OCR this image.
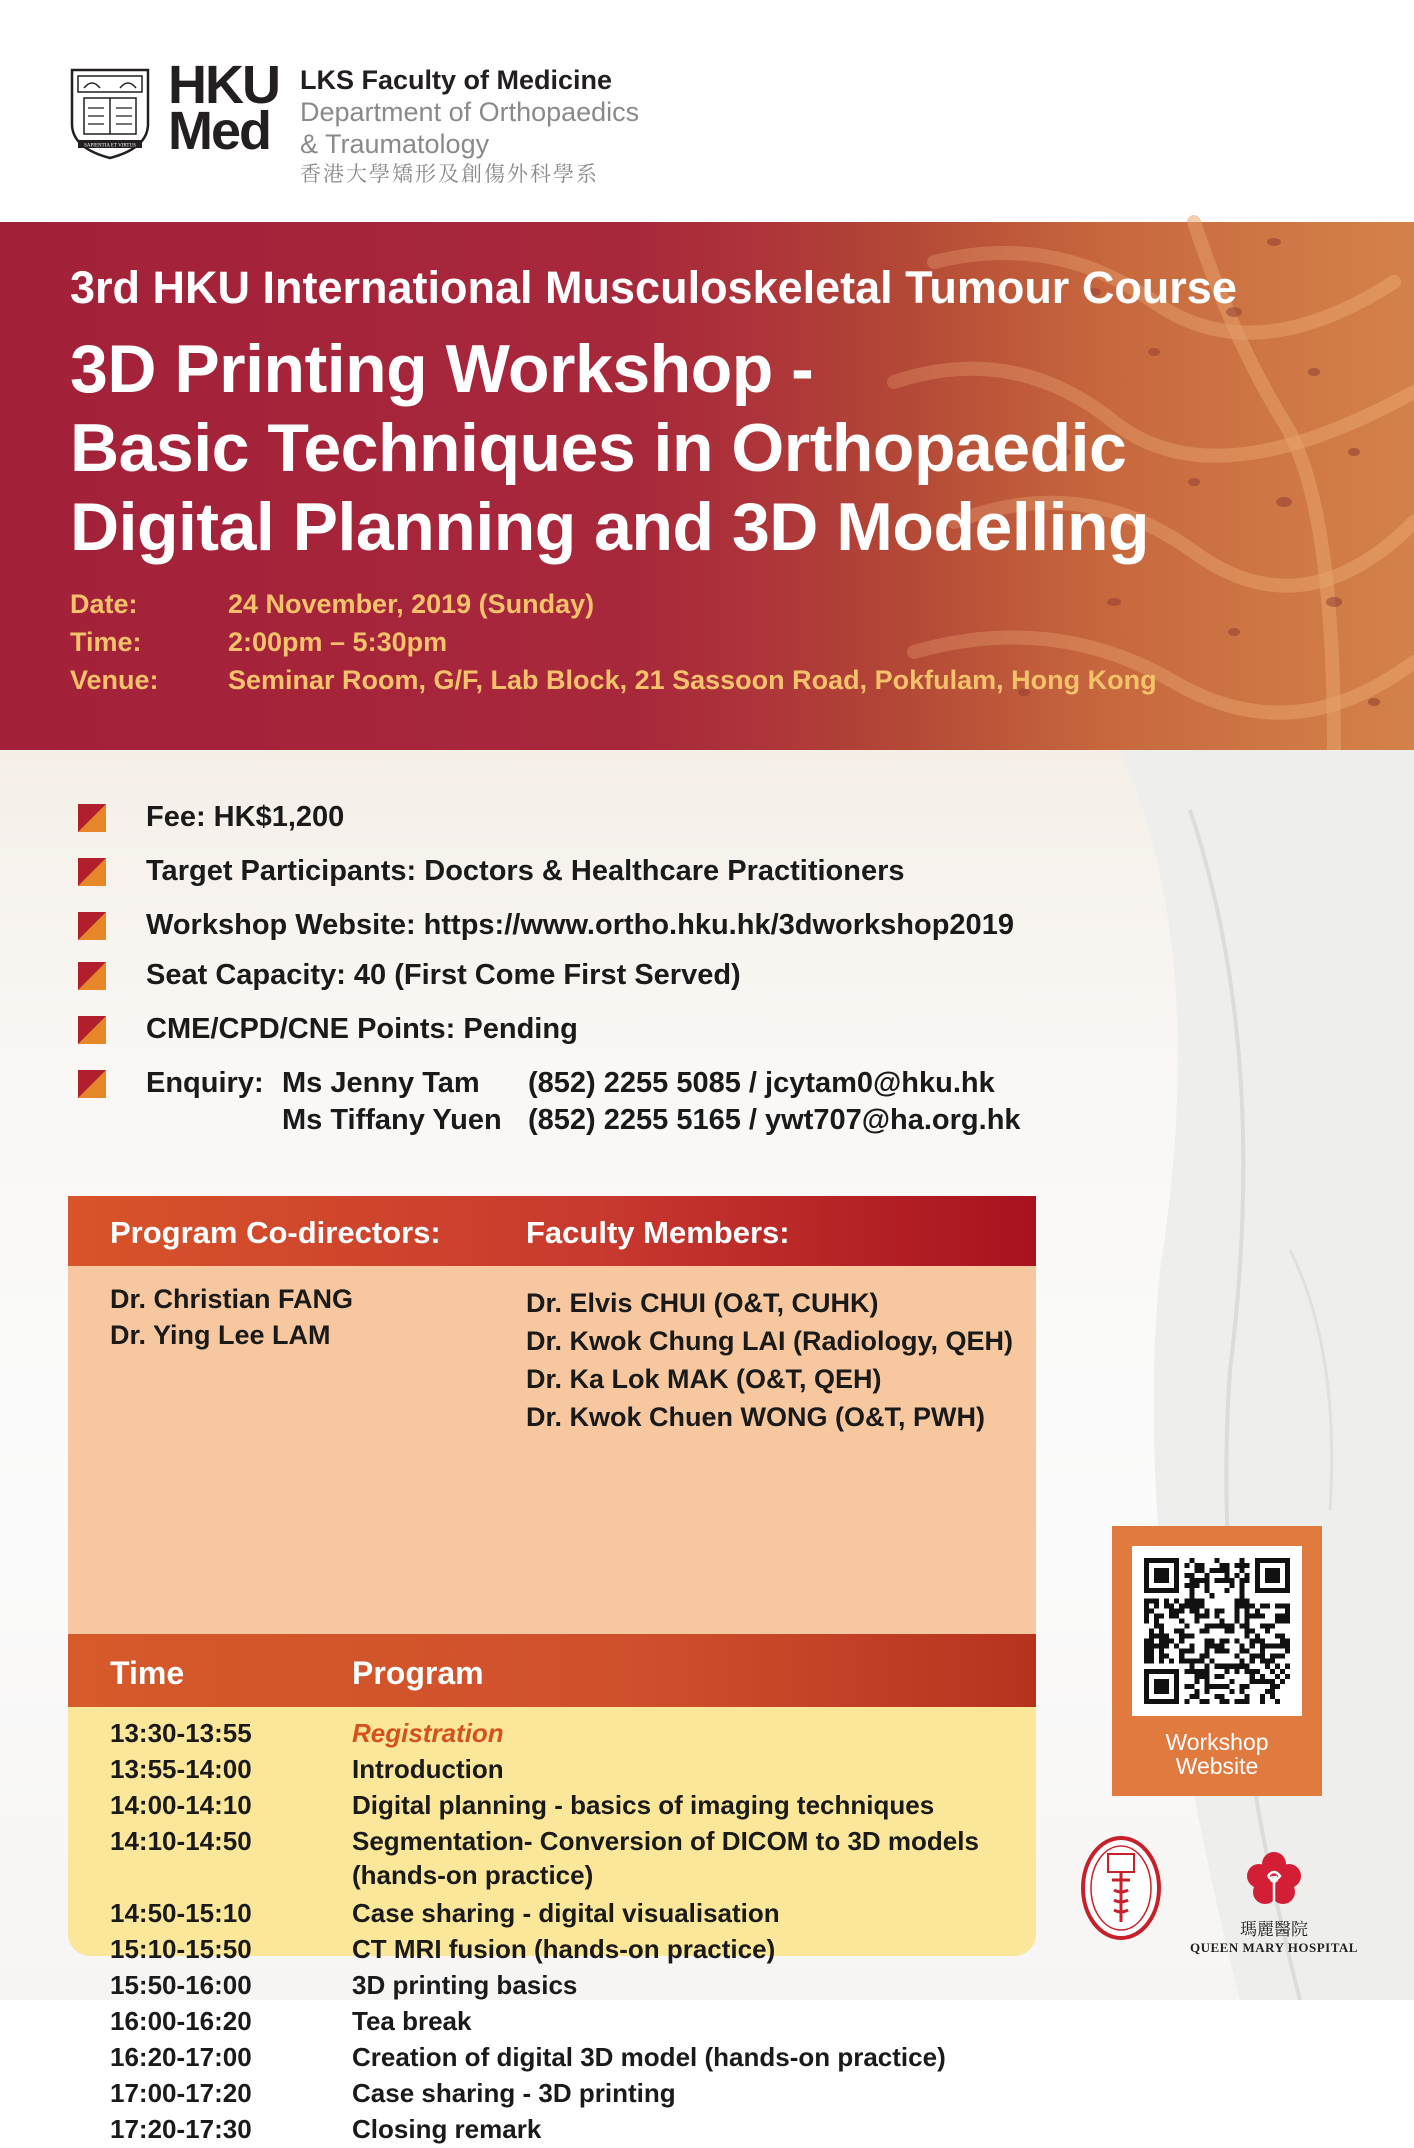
SAPIENTIA ET VIRTUS
HKU
Med
LKS Faculty of Medicine
Department of Orthopaedics
& Traumatology
香港大學矯形及創傷外科學系
3rd HKU International Musculoskeletal Tumour Course
3D Printing Workshop -
Basic Techniques in Orthopaedic
Digital Planning and 3D Modelling
Date:	24 November, 2019 (Sunday)
Time:	2:00pm – 5:30pm
Venue:	Seminar Room, G/F, Lab Block, 21 Sassoon Road, Pokfulam, Hong Kong
Fee: HK$1,200
Target Participants: Doctors & Healthcare Practitioners
Workshop Website: https://www.ortho.hku.hk/3dworkshop2019
Seat Capacity: 40 (First Come First Served)
CME/CPD/CNE Points: Pending
Enquiry: Ms Jenny Tam (852) 2255 5085 / jcytam0@hku.hk
Ms Tiffany Yuen (852) 2255 5165 / ywt707@ha.org.hk
Program Co-directors:	Faculty Members:
Dr. Christian FANG
Dr. Ying Lee LAM
Dr. Elvis CHUI (O&T, CUHK)
Dr. Kwok Chung LAI (Radiology, QEH)
Dr. Ka Lok MAK (O&T, QEH)
Dr. Kwok Chuen WONG (O&T, PWH)
Time	Program
13:30-13:55	Registration
13:55-14:00	Introduction
14:00-14:10	Digital planning - basics of imaging techniques
14:10-14:50	Segmentation- Conversion of DICOM to 3D models (hands-on practice)
14:50-15:10	Case sharing - digital visualisation
15:10-15:50	CT MRI fusion (hands-on practice)
15:50-16:00	3D printing basics
16:00-16:20	Tea break
16:20-17:00	Creation of digital 3D model (hands-on practice)
17:00-17:20	Case sharing - 3D printing
17:20-17:30	Closing remark
Workshop
Website
瑪麗醫院
QUEEN MARY HOSPITAL
